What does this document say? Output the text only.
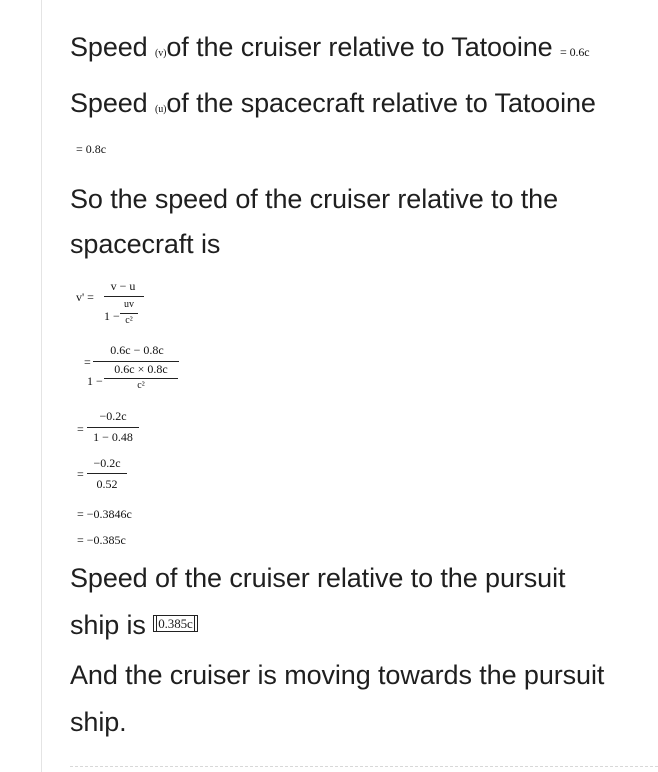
Speed (v)of the cruiser relative to Tatooine = 0.6c
Speed (u)of the spacecraft relative to Tatooine
= 0.8c
So the speed of the cruiser relative to the
spacecraft is
v' =
v − u
1 −
uv
c²
=
0.6c − 0.8c
1 −
0.6c × 0.8c
c²
=
−0.2c
1 − 0.48
=
−0.2c
0.52
= −0.3846c
= −0.385c
Speed of the cruiser relative to the pursuit
ship is 0.385c
And the cruiser is moving towards the pursuit
ship.
